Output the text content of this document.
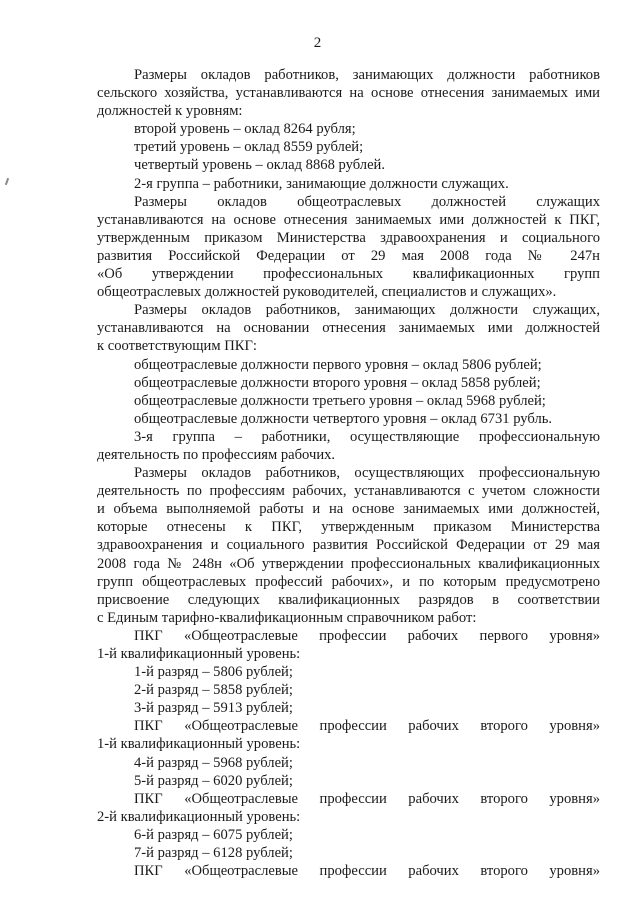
2

Размеры окладов работников, занимающих должности работников

сельского хозяйства, устанавливаются на основе отнесения занимаемых ими

должностей к уровням:

второй уровень – оклад 8264 рубля;

третий уровень – оклад 8559 рублей;

четвертый уровень – оклад 8868 рублей.

2-я группа – работники, занимающие должности служащих.

Размеры окладов общеотраслевых должностей служащих

устанавливаются на основе отнесения занимаемых ими должностей к ПКГ,

утвержденным приказом Министерства здравоохранения и социального

развития Российской Федерации от 29 мая 2008 года № 247н

«Об утверждении профессиональных квалификационных групп

общеотраслевых должностей руководителей, специалистов и служащих».

Размеры окладов работников, занимающих должности служащих,

устанавливаются на основании отнесения занимаемых ими должностей

к соответствующим ПКГ:

общеотраслевые должности первого уровня – оклад 5806 рублей;

общеотраслевые должности второго уровня – оклад 5858 рублей;

общеотраслевые должности третьего уровня – оклад 5968 рублей;

общеотраслевые должности четвертого уровня – оклад 6731 рубль.

3-я группа – работники, осуществляющие профессиональную

деятельность по профессиям рабочих.

Размеры окладов работников, осуществляющих профессиональную

деятельность по профессиям рабочих, устанавливаются с учетом сложности

и объема выполняемой работы и на основе занимаемых ими должностей,

которые отнесены к ПКГ, утвержденным приказом Министерства

здравоохранения и социального развития Российской Федерации от 29 мая

2008 года № 248н «Об утверждении профессиональных квалификационных

групп общеотраслевых профессий рабочих», и по которым предусмотрено

присвоение следующих квалификационных разрядов в соответствии

с Единым тарифно-квалификационным справочником работ:

ПКГ «Общеотраслевые профессии рабочих первого уровня»

1-й квалификационный уровень:

1-й разряд – 5806 рублей;

2-й разряд – 5858 рублей;

3-й разряд – 5913 рублей;

ПКГ «Общеотраслевые профессии рабочих второго уровня»

1-й квалификационный уровень:

4-й разряд – 5968 рублей;

5-й разряд – 6020 рублей;

ПКГ «Общеотраслевые профессии рабочих второго уровня»

2-й квалификационный уровень:

6-й разряд – 6075 рублей;

7-й разряд – 6128 рублей;

ПКГ «Общеотраслевые профессии рабочих второго уровня»
